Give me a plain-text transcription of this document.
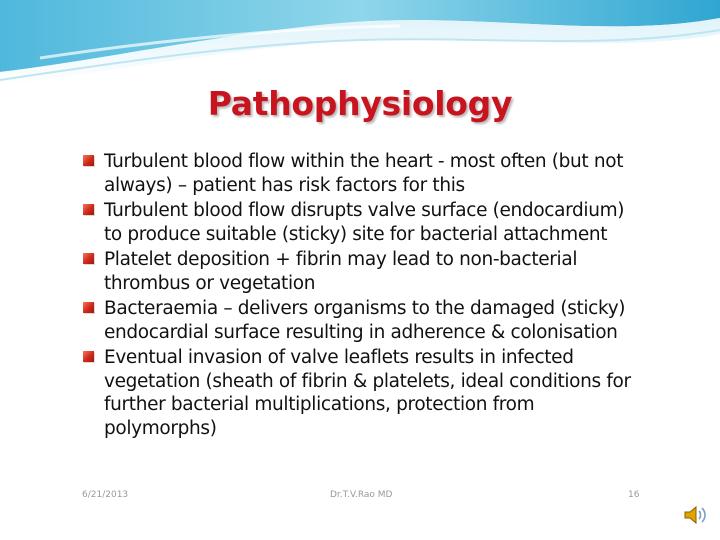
Pathophysiology
Turbulent blood flow within the heart - most often (but not always) – patient has risk factors for this
Turbulent blood flow disrupts valve surface (endocardium) to produce suitable (sticky) site for bacterial attachment
Platelet deposition + fibrin may lead to non-bacterial thrombus or vegetation
Bacteraemia – delivers organisms to the damaged (sticky) endocardial surface resulting in adherence & colonisation
Eventual invasion of valve leaflets results in infected vegetation (sheath of fibrin & platelets, ideal conditions for further bacterial multiplications, protection from polymorphs)
6/21/2013	Dr.T.V.Rao MD	16
